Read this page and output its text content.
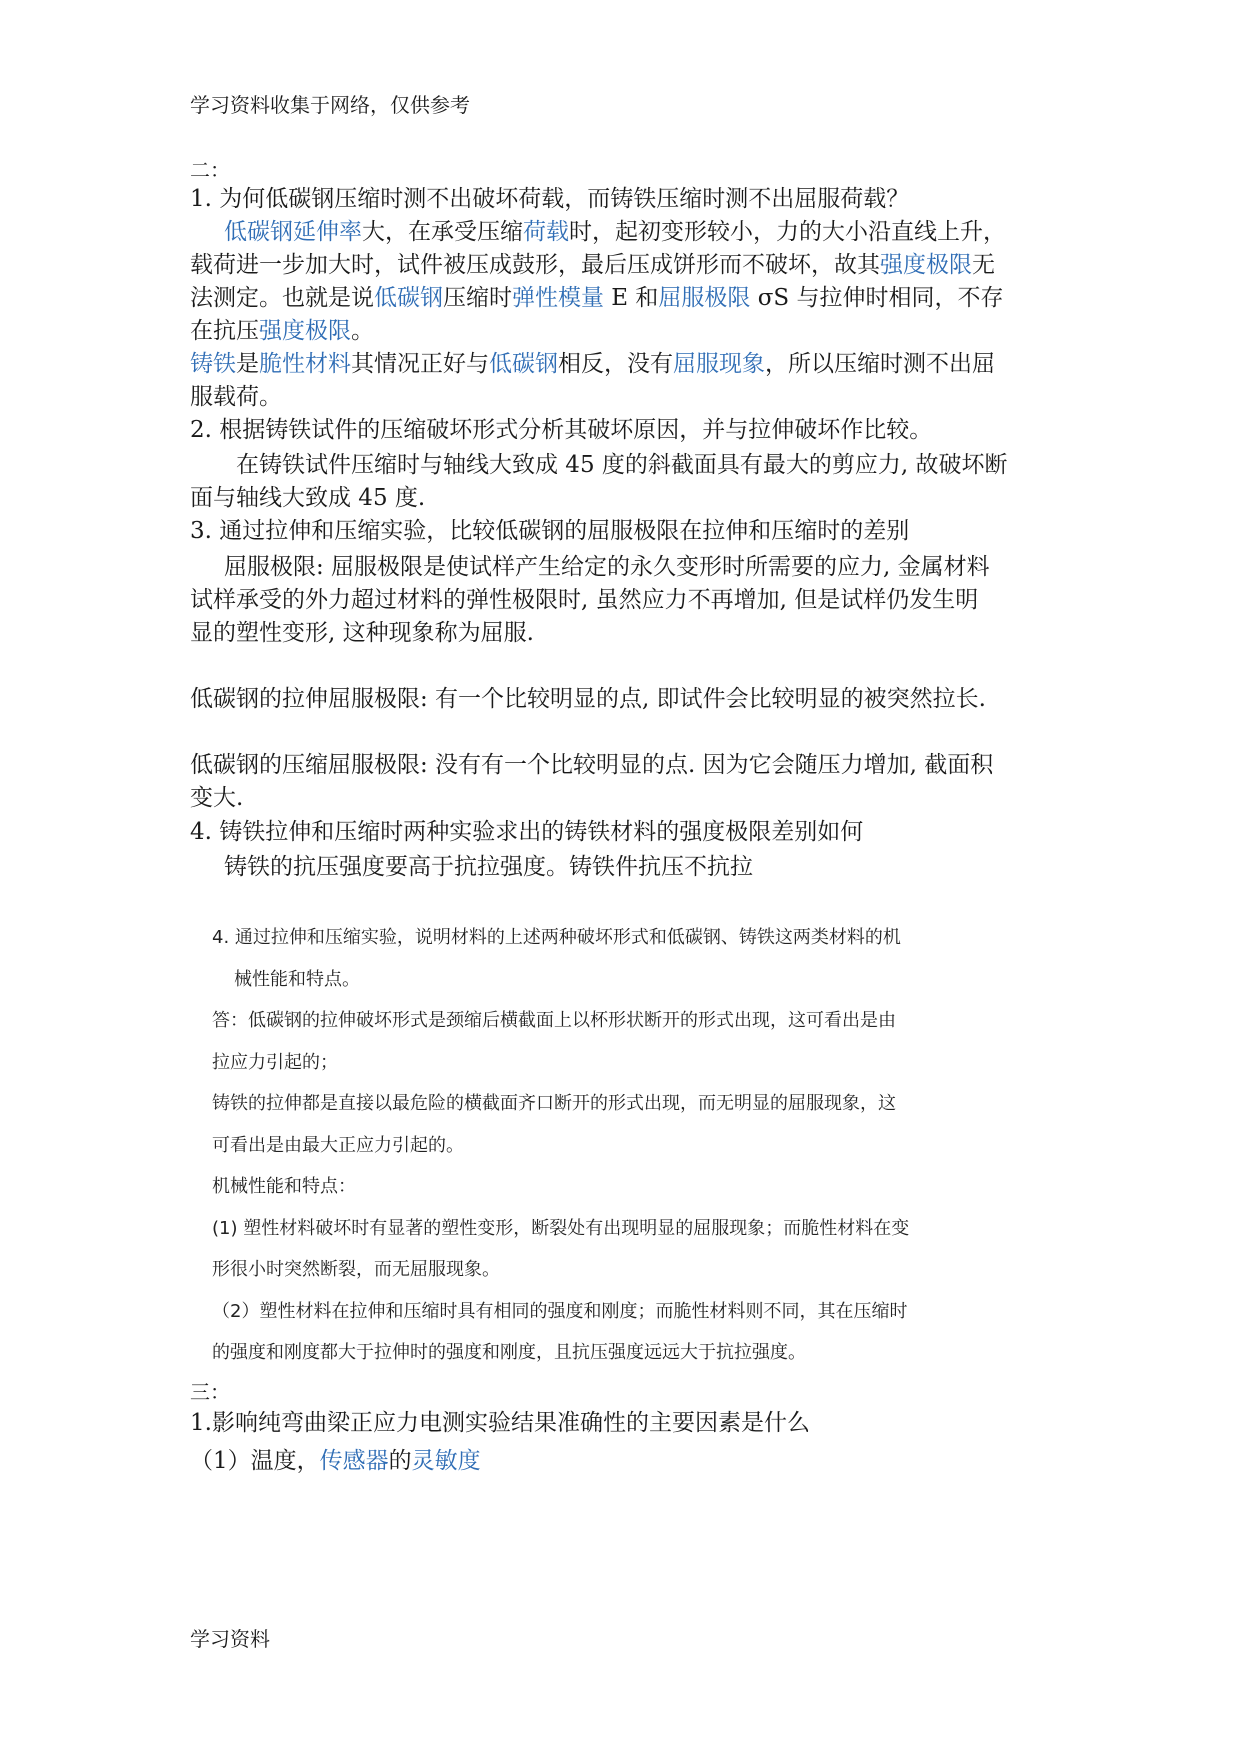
学习资料收集于网络，仅供参考
二：
1. 为何低碳钢压缩时测不出破坏荷载，而铸铁压缩时测不出屈服荷载？
低碳钢延伸率大，在承受压缩荷载时，起初变形较小，力的大小沿直线上升，
载荷进一步加大时，试件被压成鼓形，最后压成饼形而不破坏，故其强度极限无
法测定。也就是说低碳钢压缩时弹性模量 E 和屈服极限 σS 与拉伸时相同，不存
在抗压强度极限。
铸铁是脆性材料其情况正好与低碳钢相反，没有屈服现象，所以压缩时测不出屈
服载荷。
2. 根据铸铁试件的压缩破坏形式分析其破坏原因，并与拉伸破坏作比较。
在铸铁试件压缩时与轴线大致成 45 度的斜截面具有最大的剪应力, 故破坏断
面与轴线大致成 45 度.
3. 通过拉伸和压缩实验，比较低碳钢的屈服极限在拉伸和压缩时的差别
屈服极限: 屈服极限是使试样产生给定的永久变形时所需要的应力, 金属材料
试样承受的外力超过材料的弹性极限时, 虽然应力不再增加, 但是试样仍发生明
显的塑性变形, 这种现象称为屈服.
低碳钢的拉伸屈服极限: 有一个比较明显的点, 即试件会比较明显的被突然拉长.
低碳钢的压缩屈服极限: 没有有一个比较明显的点. 因为它会随压力增加, 截面积
变大.
4. 铸铁拉伸和压缩时两种实验求出的铸铁材料的强度极限差别如何
铸铁的抗压强度要高于抗拉强度。铸铁件抗压不抗拉
4. 通过拉伸和压缩实验，说明材料的上述两种破坏形式和低碳钢、铸铁这两类材料的机
械性能和特点。
答：低碳钢的拉伸破坏形式是颈缩后横截面上以杯形状断开的形式出现，这可看出是由
拉应力引起的；
铸铁的拉伸都是直接以最危险的横截面齐口断开的形式出现，而无明显的屈服现象，这
可看出是由最大正应力引起的。
机械性能和特点：
(1) 塑性材料破坏时有显著的塑性变形，断裂处有出现明显的屈服现象；而脆性材料在变
形很小时突然断裂，而无屈服现象。
（2）塑性材料在拉伸和压缩时具有相同的强度和刚度；而脆性材料则不同，其在压缩时
的强度和刚度都大于拉伸时的强度和刚度，且抗压强度远远大于抗拉强度。
三：
1.影响纯弯曲梁正应力电测实验结果准确性的主要因素是什么
（1）温度，传感器的灵敏度
学习资料
